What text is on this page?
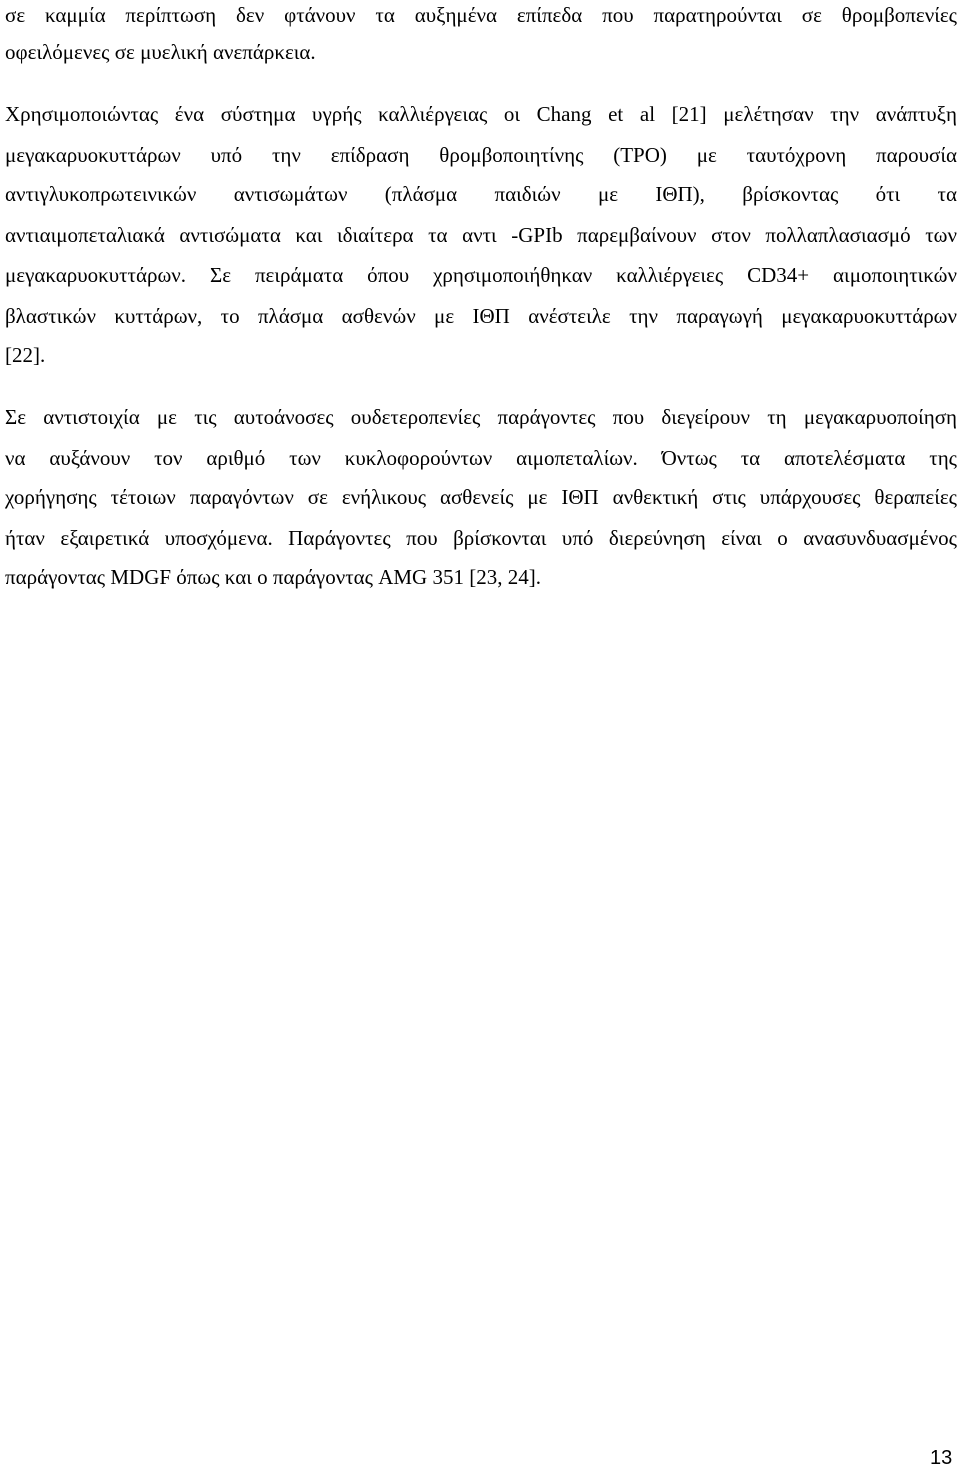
σε καμμία περίπτωση δεν φτάνουν τα αυξημένα επίπεδα που παρατηρούνται σε θρομβοπενίες
οφειλόμενες σε μυελική ανεπάρκεια.
Χρησιμοποιώντας ένα σύστημα υγρής καλλιέργειας οι Chang et al [21] μελέτησαν την ανάπτυξη
μεγακαρυοκυττάρων υπό την επίδραση θρομβοποιητίνης (TPO) με ταυτόχρονη παρουσία
αντιγλυκοπρωτεινικών αντισωμάτων (πλάσμα παιδιών με ΙΘΠ), βρίσκοντας ότι τα
αντιαιμοπεταλιακά αντισώματα και ιδιαίτερα τα αντι -GPIb παρεμβαίνουν στον πολλαπλασιασμό των
μεγακαρυοκυττάρων. Σε πειράματα όπου χρησιμοποιήθηκαν καλλιέργειες CD34+ αιμοποιητικών
βλαστικών κυττάρων, το πλάσμα ασθενών με ΙΘΠ ανέστειλε την παραγωγή μεγακαρυοκυττάρων
[22].
Σε αντιστοιχία με τις αυτοάνοσες ουδετεροπενίες παράγοντες που διεγείρουν τη μεγακαρυοποίηση
να αυξάνουν τον αριθμό των κυκλοφορούντων αιμοπεταλίων. Όντως τα αποτελέσματα της
χορήγησης τέτοιων παραγόντων σε ενήλικους ασθενείς με ΙΘΠ ανθεκτική στις υπάρχουσες θεραπείες
ήταν εξαιρετικά υποσχόμενα. Παράγοντες που βρίσκονται υπό διερεύνηση είναι ο ανασυνδυασμένος
παράγοντας MDGF όπως και ο παράγοντας AMG 351 [23, 24].
13
